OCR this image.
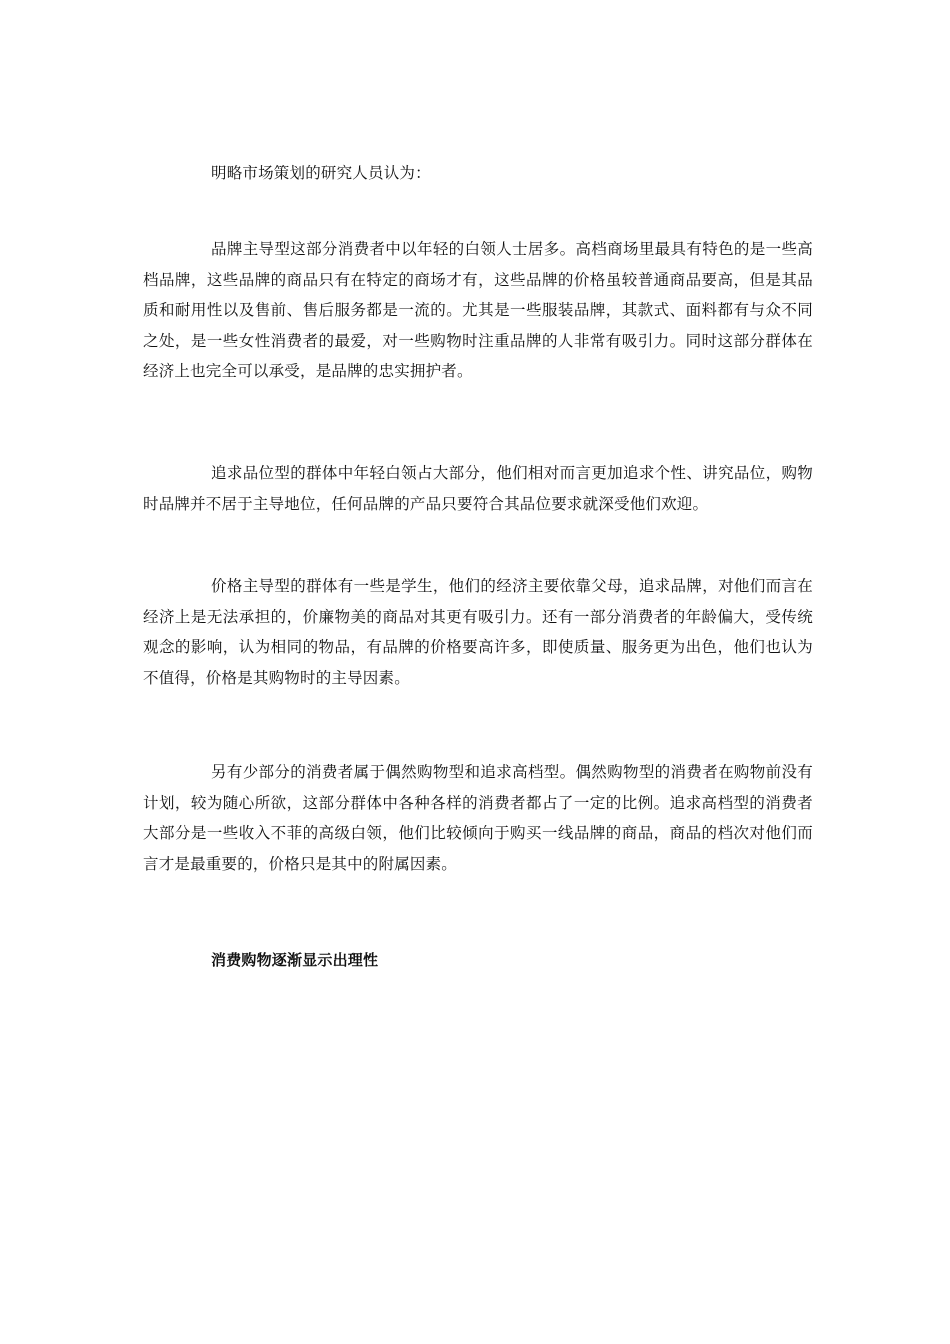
明略市场策划的研究人员认为：

品牌主导型这部分消费者中以年轻的白领人士居多。高档商场里最具有特色的是一些高档品牌，这些品牌的商品只有在特定的商场才有，这些品牌的价格虽较普通商品要高，但是其品质和耐用性以及售前、售后服务都是一流的。尤其是一些服装品牌，其款式、面料都有与众不同之处，是一些女性消费者的最爱，对一些购物时注重品牌的人非常有吸引力。同时这部分群体在经济上也完全可以承受，是品牌的忠实拥护者。

追求品位型的群体中年轻白领占大部分，他们相对而言更加追求个性、讲究品位，购物时品牌并不居于主导地位，任何品牌的产品只要符合其品位要求就深受他们欢迎。

价格主导型的群体有一些是学生，他们的经济主要依靠父母，追求品牌，对他们而言在经济上是无法承担的，价廉物美的商品对其更有吸引力。还有一部分消费者的年龄偏大，受传统观念的影响，认为相同的物品，有品牌的价格要高许多，即使质量、服务更为出色，他们也认为不值得，价格是其购物时的主导因素。

另有少部分的消费者属于偶然购物型和追求高档型。偶然购物型的消费者在购物前没有计划，较为随心所欲，这部分群体中各种各样的消费者都占了一定的比例。追求高档型的消费者大部分是一些收入不菲的高级白领，他们比较倾向于购买一线品牌的商品，商品的档次对他们而言才是最重要的，价格只是其中的附属因素。

消费购物逐渐显示出理性
